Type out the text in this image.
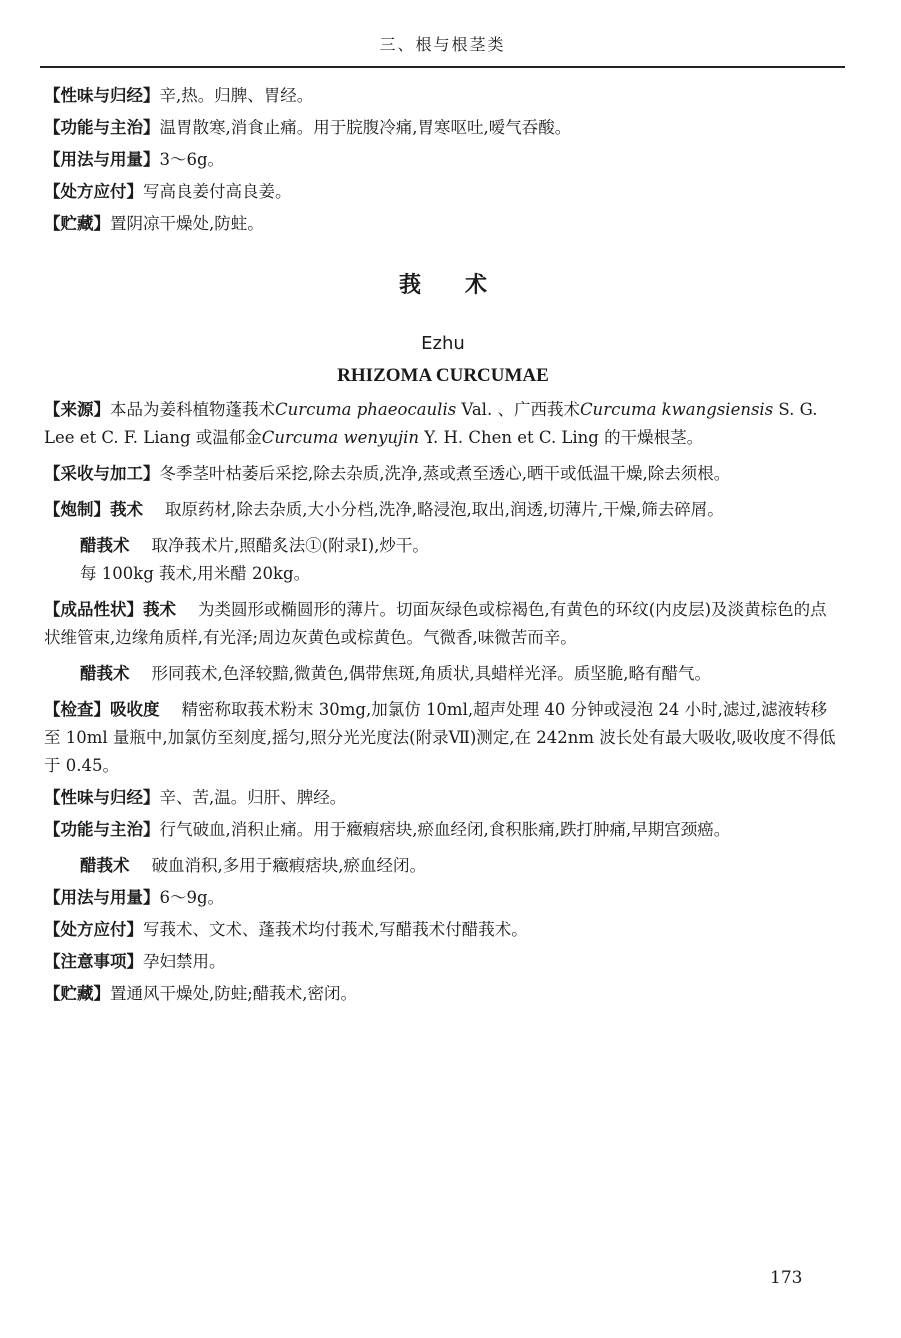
三、根与根茎类

【性味与归经】辛,热。归脾、胃经。

【功能与主治】温胃散寒,消食止痛。用于脘腹冷痛,胃寒呕吐,嗳气吞酸。

【用法与用量】3～6g。

【处方应付】写高良姜付高良姜。

【贮藏】置阴凉干燥处,防蛀。

莪术
Ezhu
RHIZOMA CURCUMAE

【来源】本品为姜科植物蓬莪术Curcuma phaeocaulis Val. 、广西莪术Curcuma kwangsiensis S. G. Lee et C. F. Liang 或温郁金Curcuma wenyujin Y. H. Chen et C. Ling 的干燥根茎。

【采收与加工】冬季茎叶枯萎后采挖,除去杂质,洗净,蒸或煮至透心,晒干或低温干燥,除去须根。

【炮制】莪术 取原药材,除去杂质,大小分档,洗净,略浸泡,取出,润透,切薄片,干燥,筛去碎屑。

醋莪术 取净莪术片,照醋炙法①(附录Ⅰ),炒干。

每 100kg 莪术,用米醋 20kg。

【成品性状】莪术 为类圆形或椭圆形的薄片。切面灰绿色或棕褐色,有黄色的环纹(内皮层)及淡黄棕色的点状维管束,边缘角质样,有光泽;周边灰黄色或棕黄色。气微香,味微苦而辛。

醋莪术 形同莪术,色泽较黯,微黄色,偶带焦斑,角质状,具蜡样光泽。质坚脆,略有醋气。

【检查】吸收度 精密称取莪术粉末 30mg,加氯仿 10ml,超声处理 40 分钟或浸泡 24 小时,滤过,滤液转移至 10ml 量瓶中,加氯仿至刻度,摇匀,照分光光度法(附录Ⅶ)测定,在 242nm 波长处有最大吸收,吸收度不得低于 0.45。

【性味与归经】辛、苦,温。归肝、脾经。

【功能与主治】行气破血,消积止痛。用于癥瘕痞块,瘀血经闭,食积胀痛,跌打肿痛,早期宫颈癌。

醋莪术 破血消积,多用于癥瘕痞块,瘀血经闭。

【用法与用量】6～9g。

【处方应付】写莪术、文术、蓬莪术均付莪术,写醋莪术付醋莪术。

【注意事项】孕妇禁用。

【贮藏】置通风干燥处,防蛀;醋莪术,密闭。

173
